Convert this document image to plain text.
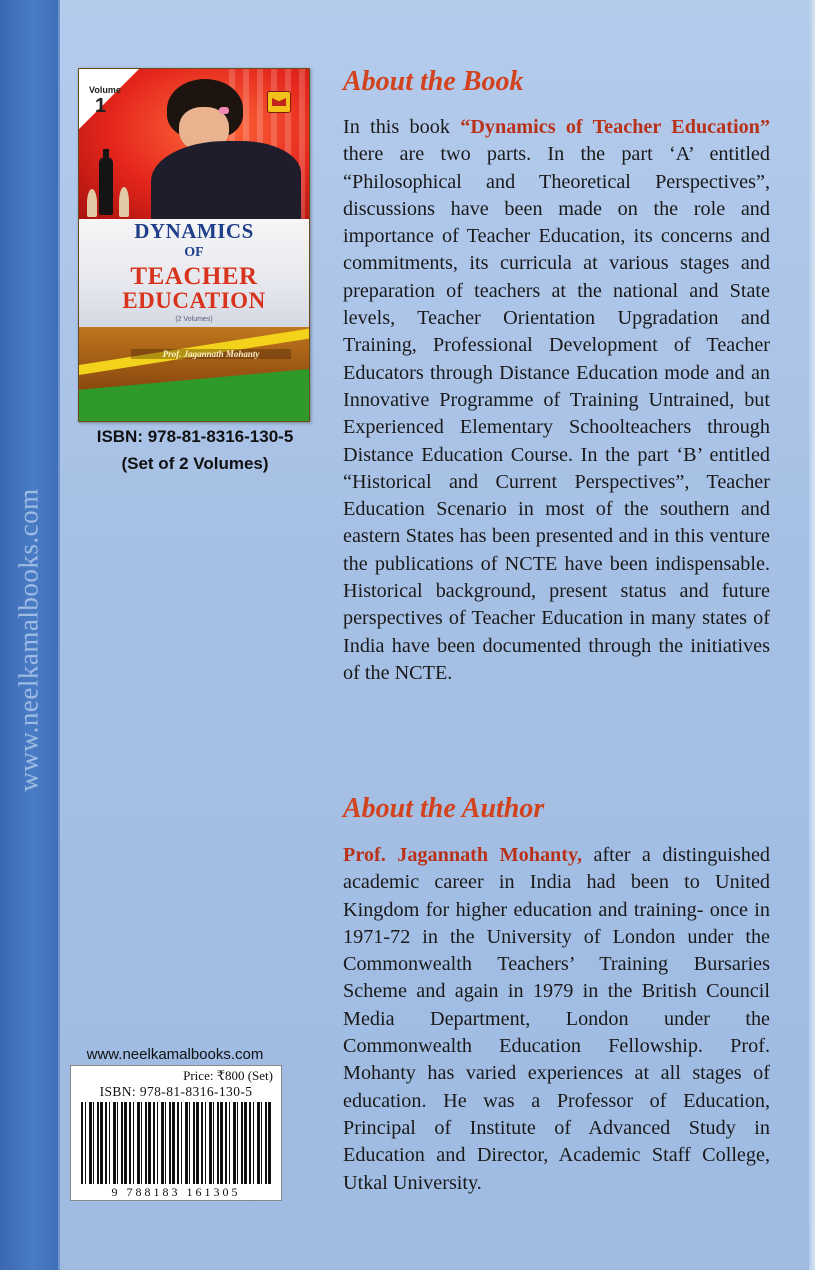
www.neelkamalbooks.com
Volume
1
DYNAMICS
OF
TEACHER
EDUCATION
(2 Volumes)
Prof. Jagannath Mohanty
ISBN: 978-81-8316-130-5
(Set of 2 Volumes)
About the Book
In this book “Dynamics of Teacher Education” there are two parts. In the part ‘A’ entitled “Philosophical and Theoretical Perspectives”, discussions have been made on the role and importance of Teacher Education, its concerns and commitments, its curricula at various stages and preparation of teachers at the national and State levels, Teacher Orientation Upgradation and Training, Professional Development of Teacher Educators through Distance Education mode and an Innovative Programme of Training Untrained, but Experienced Elementary Schoolteachers through Distance Education Course. In the part ‘B’ entitled “Historical and Current Perspectives”, Teacher Education Scenario in most of the southern and eastern States has been presented and in this venture the publications of NCTE have been indispensable. Historical background, present status and future perspectives of Teacher Education in many states of India have been documented through the initiatives of the NCTE.
About the Author
Prof. Jagannath Mohanty, after a distinguished academic career in India had been to United Kingdom for higher education and training- once in 1971-72 in the University of London under the Commonwealth Teachers’ Training Bursaries Scheme and again in 1979 in the British Council Media Department, London under the Commonwealth Education Fellowship. Prof. Mohanty has varied experiences at all stages of education. He was a Professor of Education, Principal of Institute of Advanced Study in Education and Director, Academic Staff College, Utkal University.
www.neelkamalbooks.com
Price: ₹800 (Set)
ISBN: 978-81-8316-130-5
9 788183 161305
